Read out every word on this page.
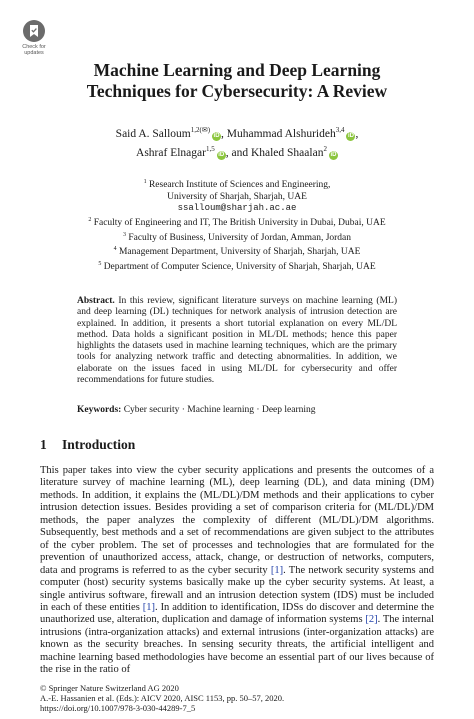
Check for
updates
Machine Learning and Deep Learning
Techniques for Cybersecurity: A Review
Said A. Salloum$^{1,2(✉)}$iD , Muhammad Alshurideh$^{3,4}$iD ,
Ashraf Elnagar$^{1,5}$iD , and Khaled Shaalan$^2$iD
$^1$ Research Institute of Sciences and Engineering,
University of Sharjah, Sharjah, UAE
ssalloum@sharjah.ac.ae
$^2$ Faculty of Engineering and IT, The British University in Dubai, Dubai, UAE
$^3$ Faculty of Business, University of Jordan, Amman, Jordan
$^4$ Management Department, University of Sharjah, Sharjah, UAE
$^5$ Department of Computer Science, University of Sharjah, Sharjah, UAE
Abstract. In this review, significant literature surveys on machine learning (ML) and deep learning (DL) techniques for network analysis of intrusion detection are explained. In addition, it presents a short tutorial explanation on every ML/DL method. Data holds a significant position in ML/DL methods; hence this paper highlights the datasets used in machine learning techniques, which are the primary tools for analyzing network traffic and detecting abnormalities. In addition, we elaborate on the issues faced in using ML/DL for cybersecurity and offer recommendations for future studies.
Keywords: Cyber security · Machine learning · Deep learning
1 Introduction
This paper takes into view the cyber security applications and presents the outcomes of a literature survey of machine learning (ML), deep learning (DL), and data mining (DM) methods. In addition, it explains the (ML/DL)/DM methods and their applications to cyber intrusion detection issues. Besides providing a set of comparison criteria for (ML/DL)/DM methods, the paper analyzes the complexity of different (ML/DL)/DM algorithms. Subsequently, best methods and a set of recommendations are given subject to the attributes of the cyber problem. The set of processes and technologies that are formulated for the prevention of unauthorized access, attack, change, or destruction of networks, computers, data and programs is referred to as the cyber security [1]. The network security systems and computer (host) security systems basically make up the cyber security systems. At least, a single antivirus software, firewall and an intrusion detection system (IDS) must be included in each of these entities [1]. In addition to identification, IDSs do discover and determine the unauthorized use, alteration, duplication and damage of information systems [2]. The internal intrusions (intra-organization attacks) and external intrusions (inter-organization attacks) are known as the security breaches. In sensing security threats, the artificial intelligent and machine learning based methodologies have become an essential part of our lives because of the rise in the ratio of
© Springer Nature Switzerland AG 2020
A.-E. Hassanien et al. (Eds.): AICV 2020, AISC 1153, pp. 50–57, 2020.
https://doi.org/10.1007/978-3-030-44289-7_5
